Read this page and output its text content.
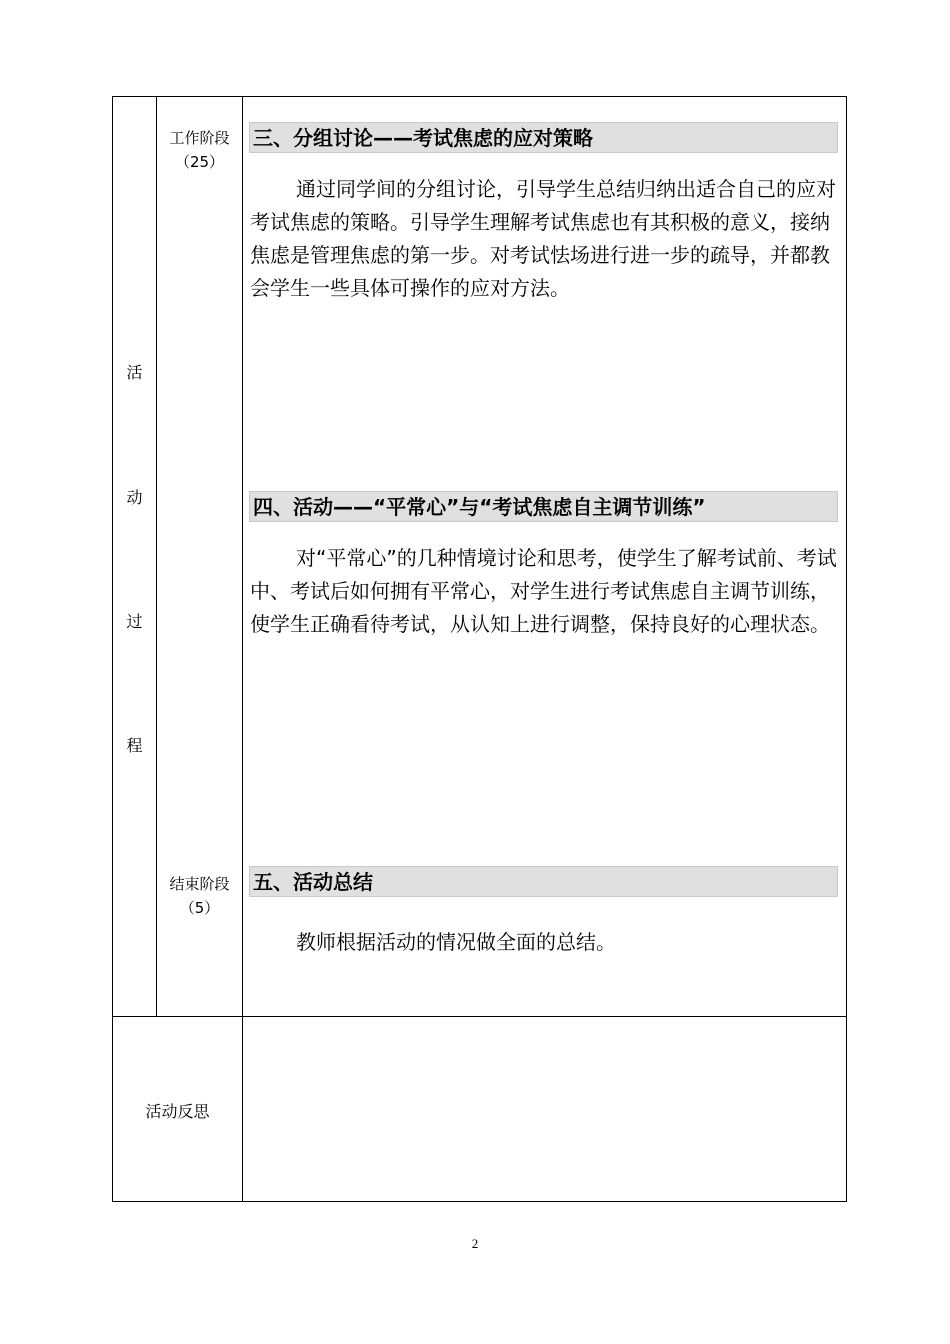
活
动
过
程
工作阶段
（25）
结束阶段
（5）
三、分组讨论——考试焦虑的应对策略

通过同学间的分组讨论，引导学生总结归纳出适合自己的应对考试焦虑的策略。引导学生理解考试焦虑也有其积极的意义，接纳焦虑是管理焦虑的第一步。对考试怯场进行进一步的疏导，并都教会学生一些具体可操作的应对方法。

四、活动——“平常心”与“考试焦虑自主调节训练”

对“平常心”的几种情境讨论和思考，使学生了解考试前、考试中、考试后如何拥有平常心，对学生进行考试焦虑自主调节训练，使学生正确看待考试，从认知上进行调整，保持良好的心理状态。

五、活动总结

教师根据活动的情况做全面的总结。

活动反思
2
